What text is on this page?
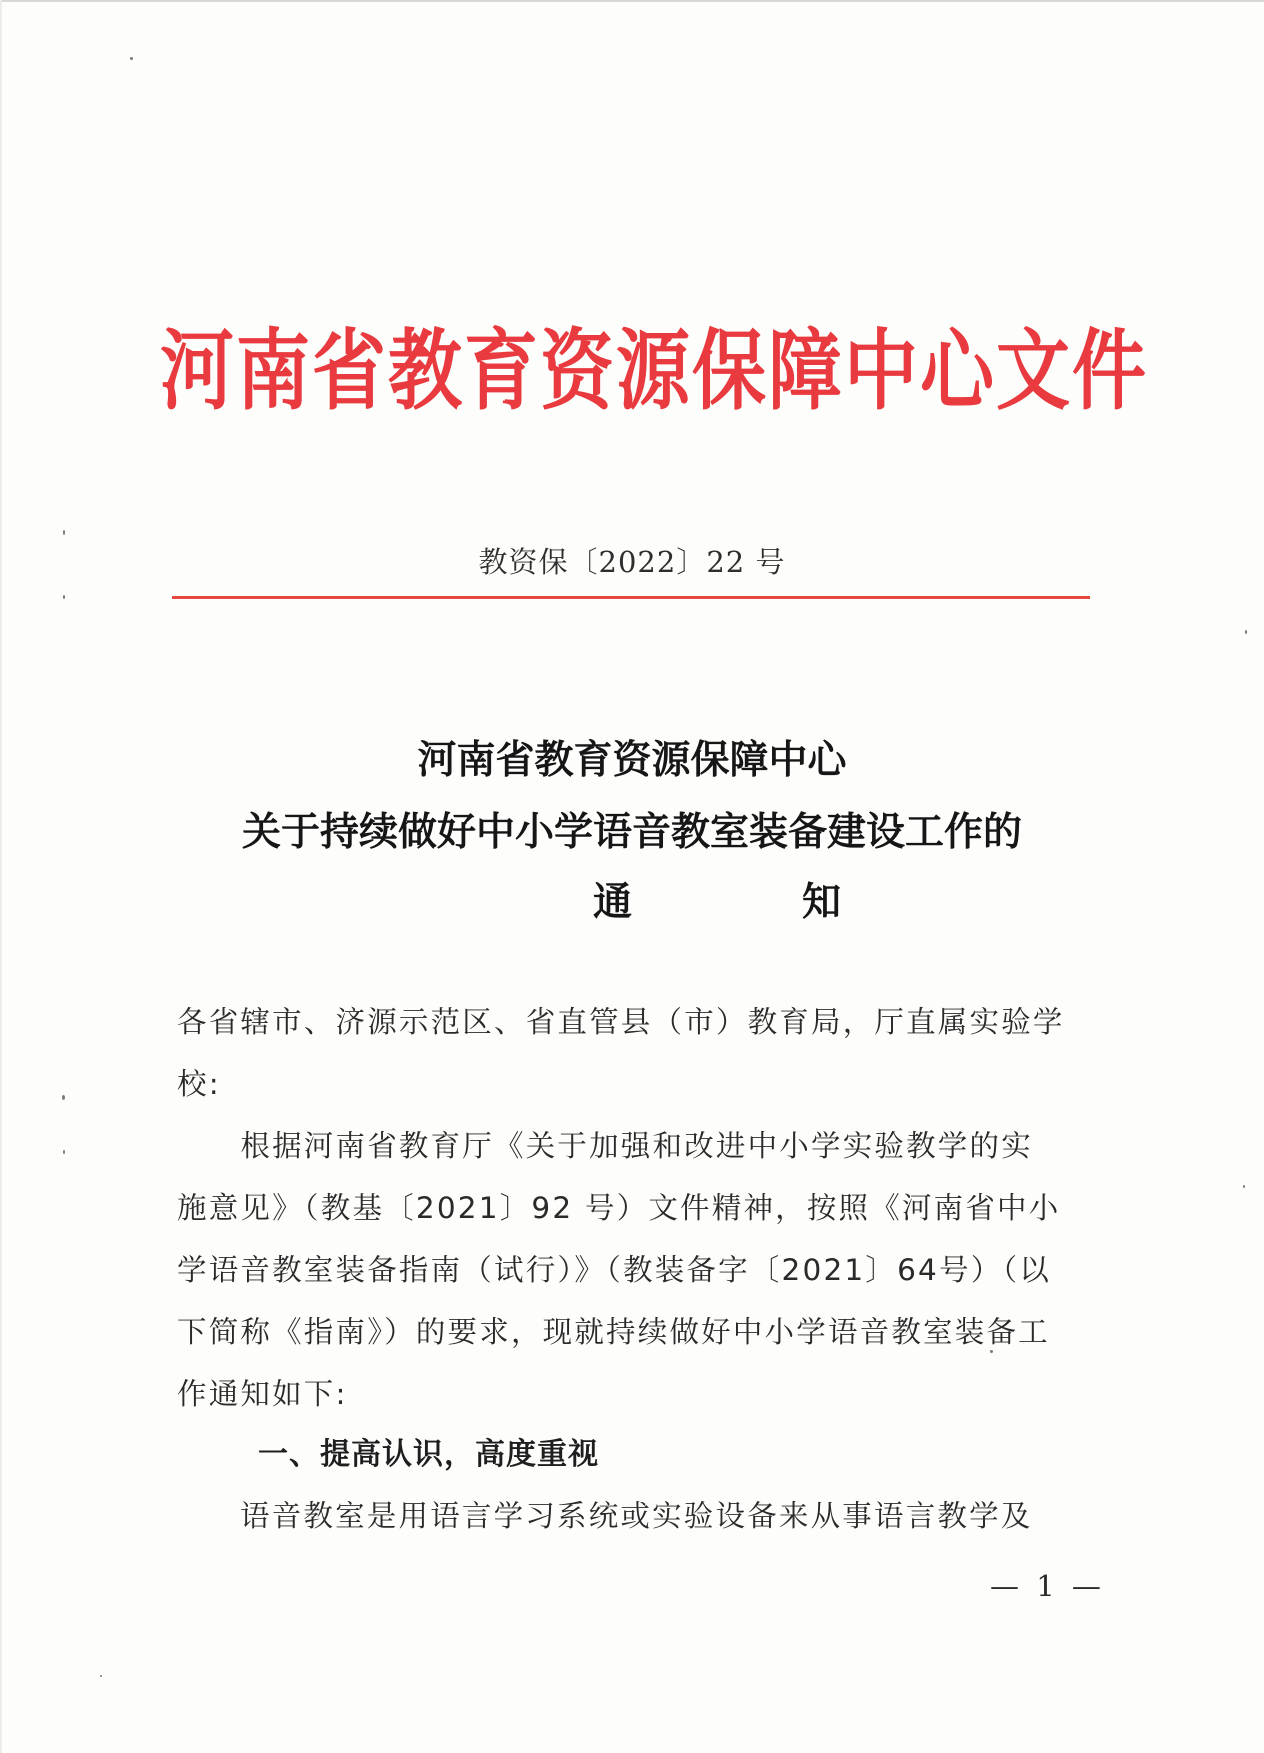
河南省教育资源保障中心文件
教资保〔2022〕22 号
河南省教育资源保障中心
关于持续做好中小学语音教室装备建设工作的
通知
各省辖市、济源示范区、省直管县（市）教育局，厅直属实验学
校:
　　根据河南省教育厅《关于加强和改进中小学实验教学的实
施意见》（教基〔2021〕92 号）文件精神，按照《河南省中小
学语音教室装备指南（试行）》（教装备字〔2021〕64号）（以
下简称《指南》）的要求，现就持续做好中小学语音教室装备工
作通知如下:
一、提高认识，高度重视
语音教室是用语言学习系统或实验设备来从事语言教学及
— 1 —
